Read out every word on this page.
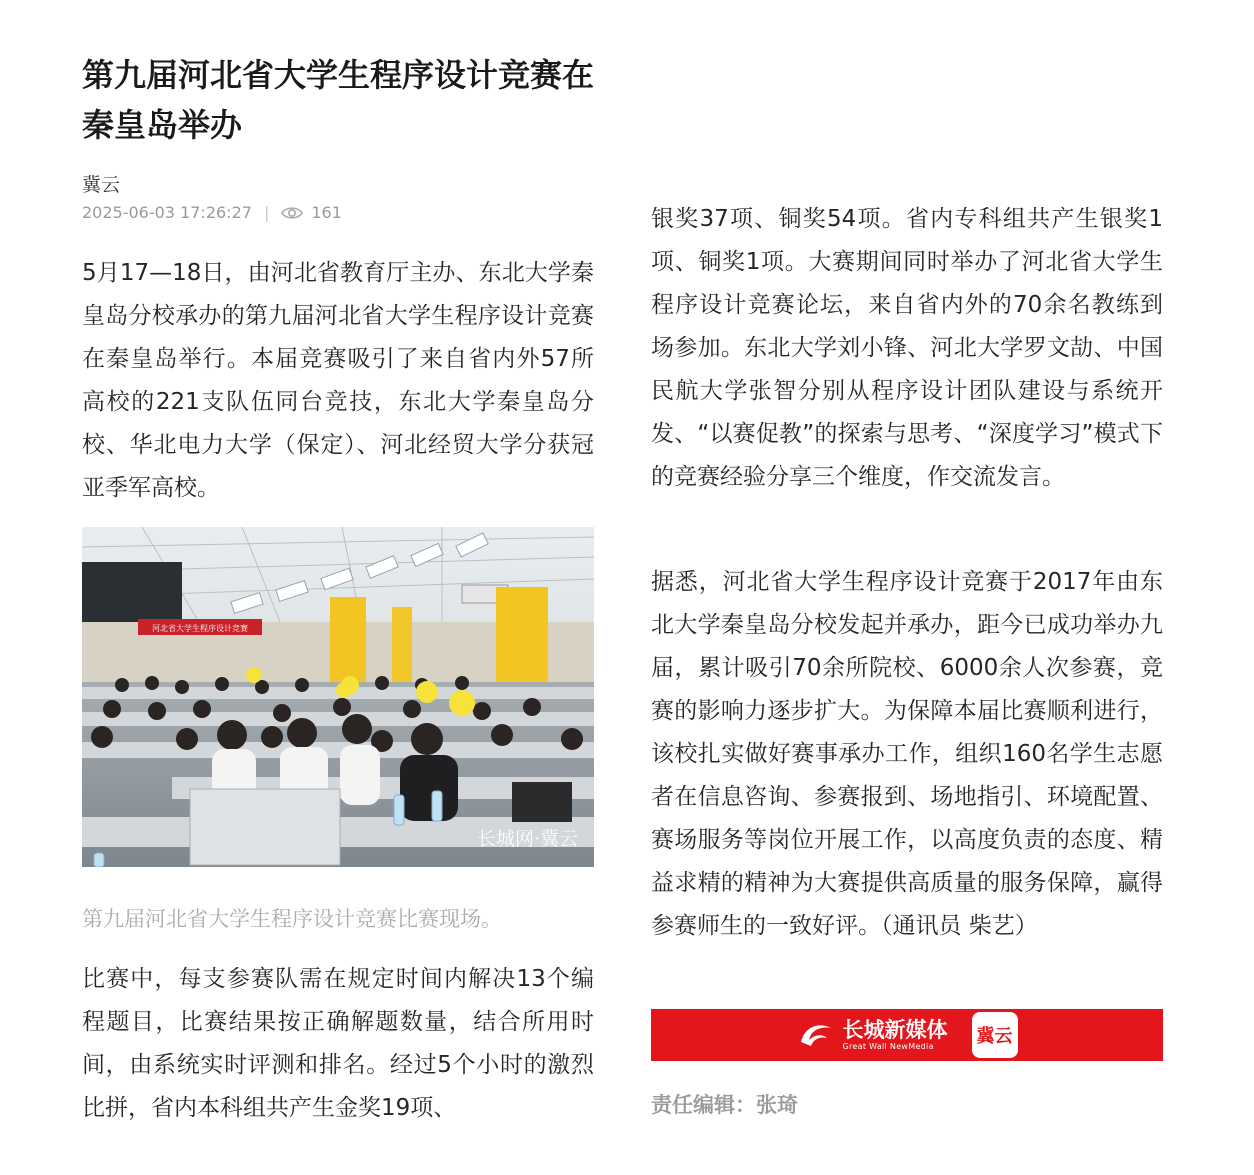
第九届河北省大学生程序设计竞赛在秦皇岛举办
冀云
2025-06-03 17:26:27 |	161

5月17—18日，由河北省教育厅主办、东北大学秦皇岛分校承办的第九届河北省大学生程序设计竞赛在秦皇岛举行。本届竞赛吸引了来自省内外57所高校的221支队伍同台竞技，东北大学秦皇岛分校、华北电力大学（保定）、河北经贸大学分获冠亚季军高校。

河北省大学生程序设计竞赛
长城网·冀云
第九届河北省大学生程序设计竞赛比赛现场。

比赛中，每支参赛队需在规定时间内解决13个编程题目，比赛结果按正确解题数量，结合所用时间，由系统实时评测和排名。经过5个小时的激烈比拼，省内本科组共产生金奖19项、

银奖37项、铜奖54项。省内专科组共产生银奖1项、铜奖1项。大赛期间同时举办了河北省大学生程序设计竞赛论坛，来自省内外的70余名教练到场参加。东北大学刘小锋、河北大学罗文劼、中国民航大学张智分别从程序设计团队建设与系统开发、“以赛促教”的探索与思考、“深度学习”模式下的竞赛经验分享三个维度，作交流发言。

据悉，河北省大学生程序设计竞赛于2017年由东北大学秦皇岛分校发起并承办，距今已成功举办九届，累计吸引70余所院校、6000余人次参赛，竞赛的影响力逐步扩大。为保障本届比赛顺利进行，该校扎实做好赛事承办工作，组织160名学生志愿者在信息咨询、参赛报到、场地指引、环境配置、赛场服务等岗位开展工作，以高度负责的态度、精益求精的精神为大赛提供高质量的服务保障，赢得参赛师生的一致好评。（通讯员 柴艺）

长城新媒体
Great Wall NewMedia	冀云
责任编辑：张琦
